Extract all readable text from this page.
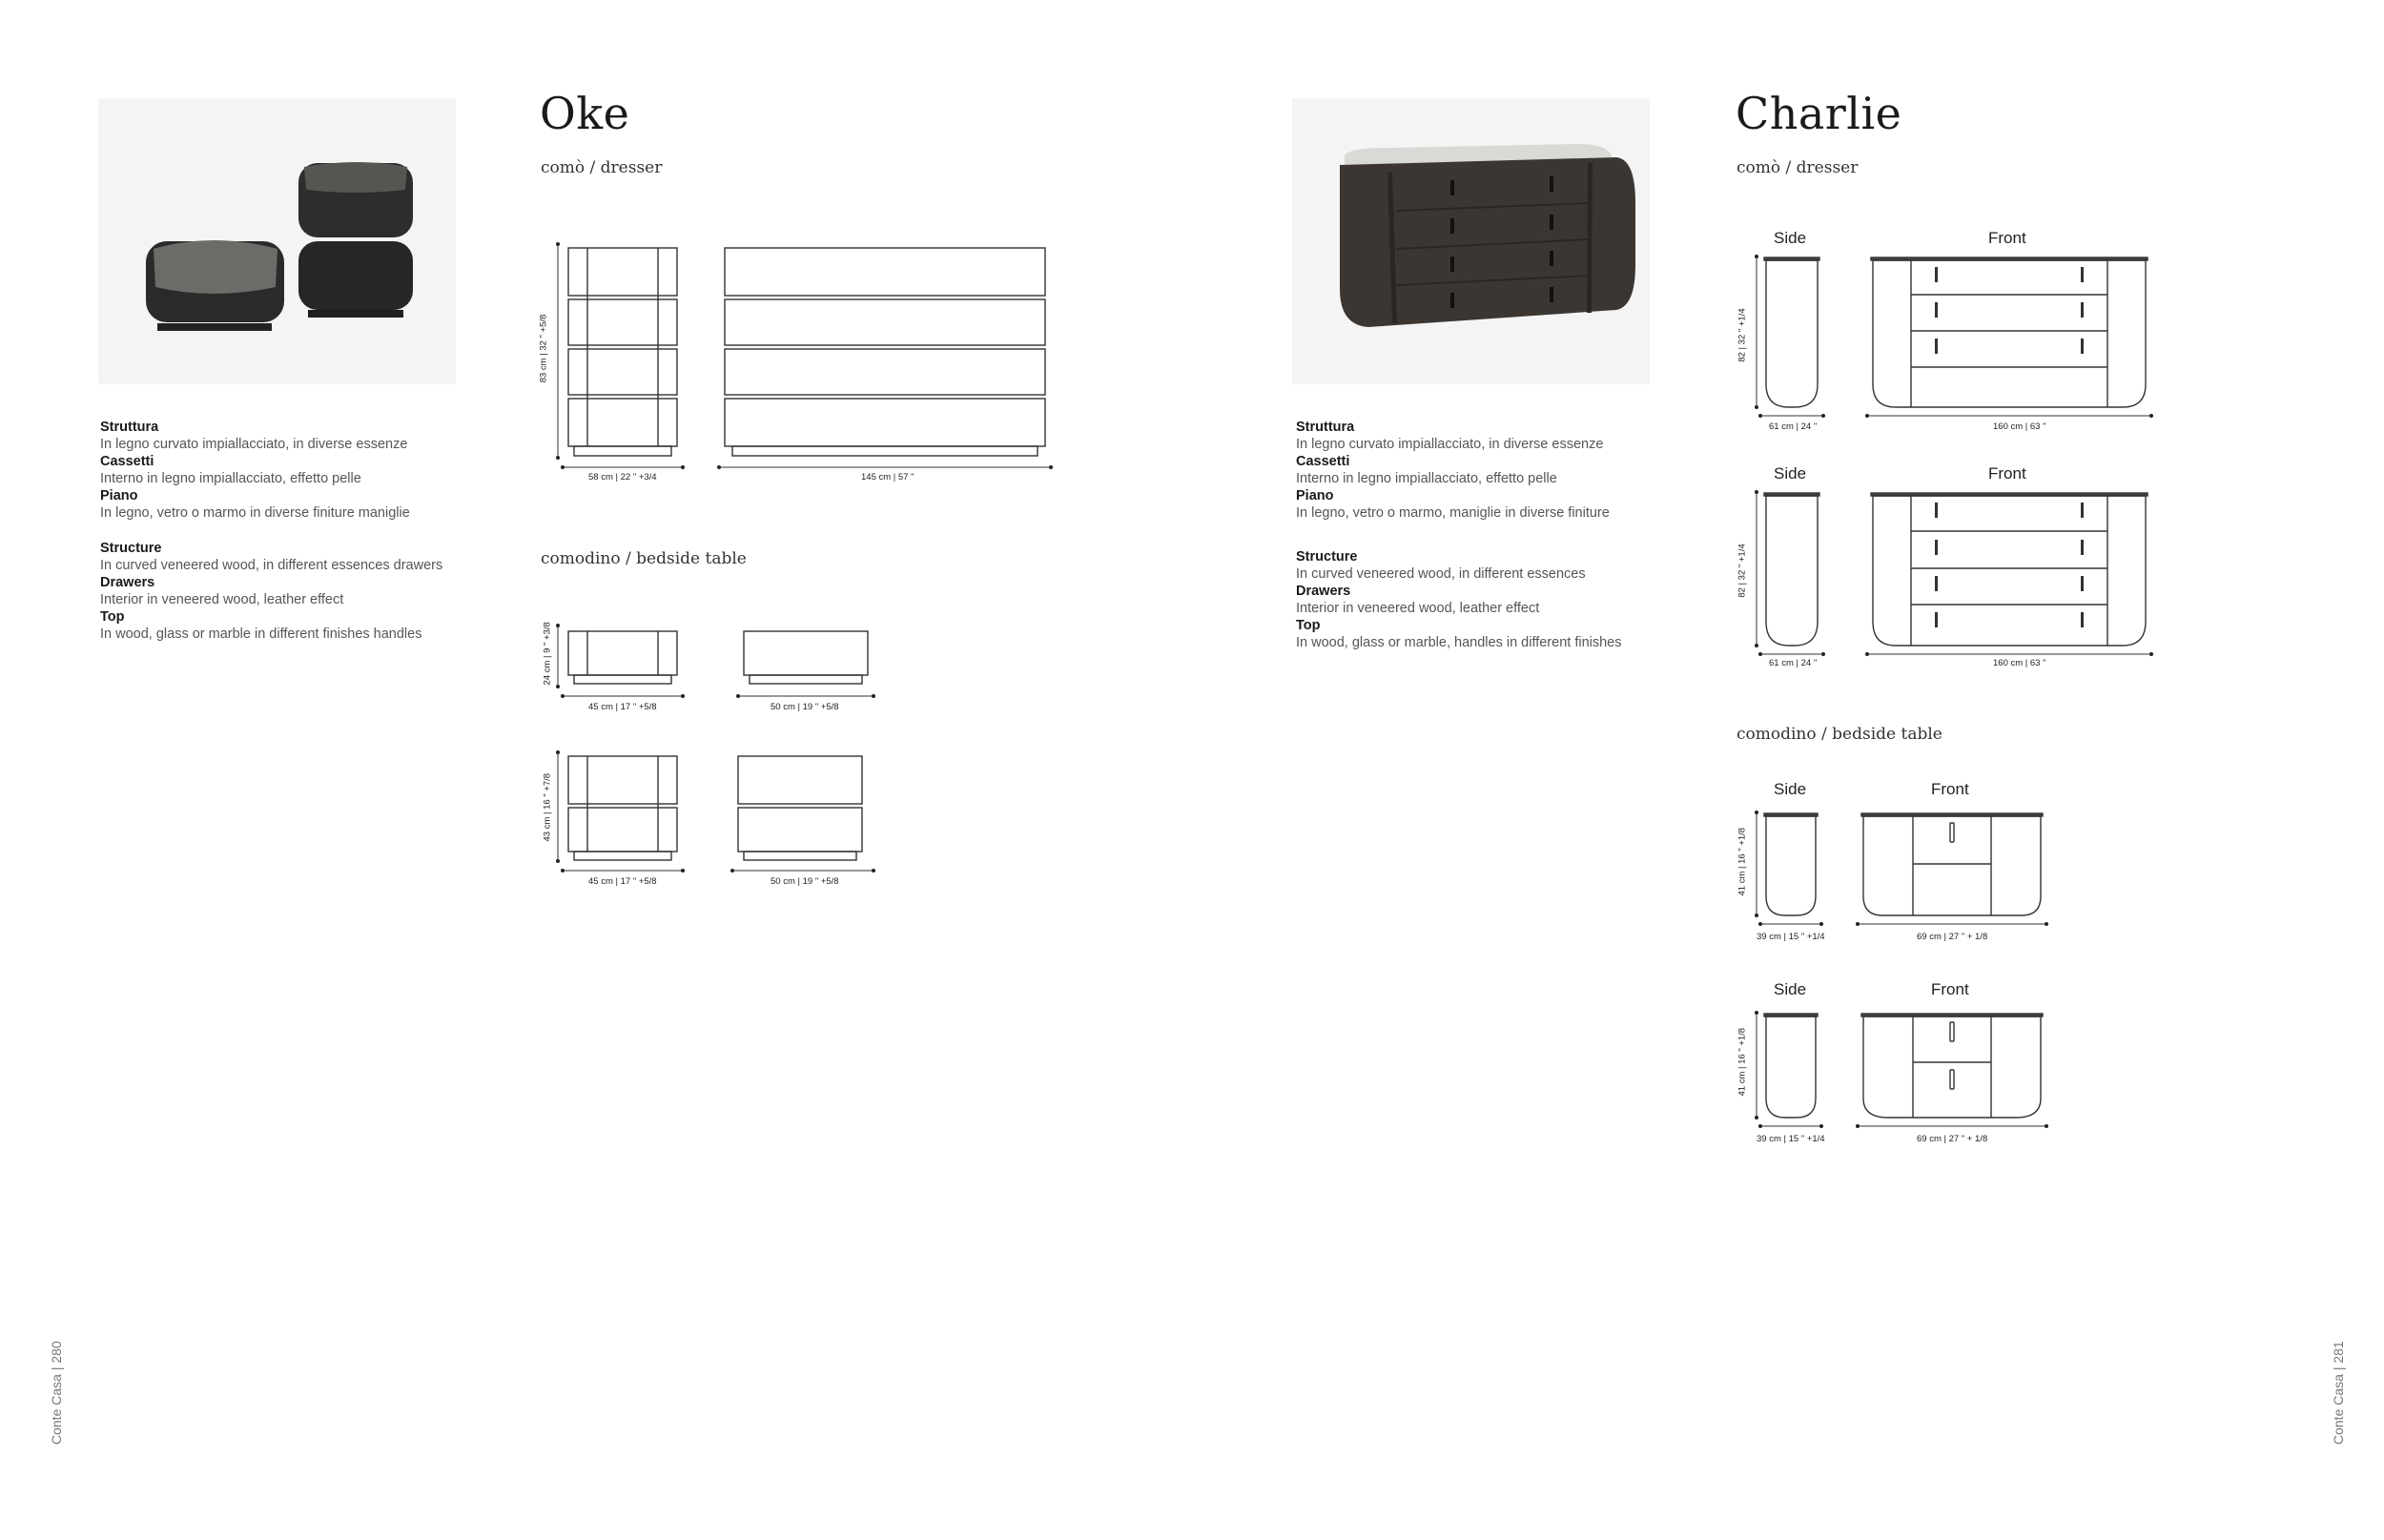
Struttura
In legno curvato impiallacciato, in diverse essenze
Cassetti
Interno in legno impiallacciato, effetto pelle
Piano
In legno, vetro o marmo in diverse finiture maniglie
Structure
In curved veneered wood, in different essences drawers
Drawers
Interior in veneered wood, leather effect
Top
In wood, glass or marble in different finishes handles
Oke
comò / dresser
83 cm | 32 " +5/8
58 cm | 22 " +3/4	145 cm | 57 "
comodino / bedside table
24 cm | 9 " +3/8
45 cm | 17 " +5/8	50 cm | 19 " +5/8
43 cm | 16 " +7/8
45 cm | 17 " +5/8	50 cm | 19 " +5/8
Conte Casa | 280
Struttura
In legno curvato impiallacciato, in diverse essenze
Cassetti
Interno in legno impiallacciato, effetto pelle
Piano
In legno, vetro o marmo, maniglie in diverse finiture
Structure
In curved veneered wood, in different essences
Drawers
Interior in veneered wood, leather effect
Top
In wood, glass or marble, handles in different finishes
Charlie
comò / dresser
Side	Front
82 | 32 " +1/4
61 cm | 24 "	160 cm | 63 "
Side	Front
82 | 32 " +1/4
61 cm | 24 "	160 cm | 63 "
comodino / bedside table
Side	Front
41 cm | 16 " +1/8
39 cm | 15 " +1/4	69 cm | 27 " + 1/8
Side	Front
41 cm | 16 " +1/8
39 cm | 15 " +1/4	69 cm | 27 " + 1/8
Conte Casa | 281
